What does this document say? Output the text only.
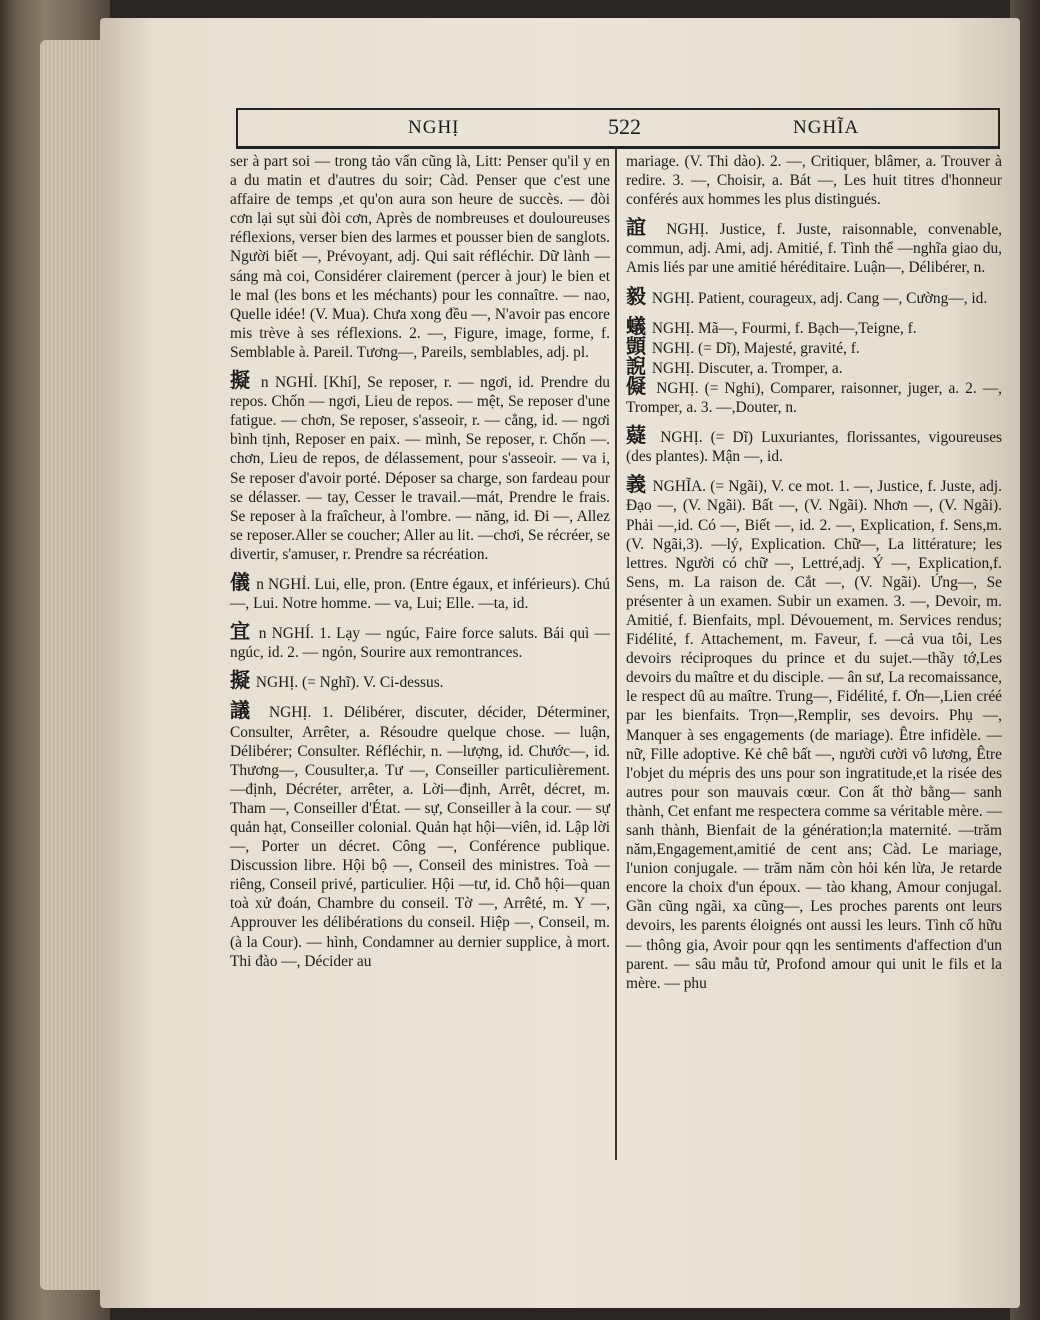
NGHỊ	522	NGHĨA

ser à part soi — trong tảo vẩn cũng là, Litt: Penser qu'il y en a du matin et d'autres du soir; Càd. Penser que c'est une affaire de temps ,et qu'on aura son heure de succès. — đòi cơn lại sụt sùi đòi cơn, Après de nombreuses et douloureuses réflexions, verser bien des larmes et pousser bien de sanglots. Người biết —, Prévoyant, adj. Qui sait réfléchir. Dữ lành — sáng mà coi, Considérer clairement (percer à jour) le bien et le mal (les bons et les méchants) pour les connaître. — nao, Quelle idée! (V. Mua). Chưa xong đều —, N'avoir pas encore mis trève à ses réflexions. 2. —, Figure, image, forme, f. Semblable à. Pareil. Tương—, Pareils, semblables, adj. pl.

擬 n NGHỈ. [Khí], Se reposer, r. — ngơi, id. Prendre du repos. Chốn — ngơi, Lieu de repos. — mệt, Se reposer d'une fatigue. — chơn, Se reposer, s'asseoir, r. — cẳng, id. — ngơi bình tịnh, Reposer en paix. — mình, Se reposer, r. Chốn —. chơn, Lieu de repos, de délassement, pour s'asseoir. — va i, Se reposer d'avoir porté. Déposer sa charge, son fardeau pour se délasser. — tay, Cesser le travail.—mát, Prendre le frais. Se reposer à la fraîcheur, à l'ombre. — năng, id. Đi —, Allez se reposer.Aller se coucher; Aller au lit. —chơi, Se récréer, se divertir, s'amuser, r. Prendre sa récréation.

儀 n NGHỈ. Lui, elle, pron. (Entre égaux, et inférieurs). Chú —, Lui. Notre homme. — va, Lui; Elle. —ta, id.

宜 n NGHÍ. 1. Lạy — ngúc, Faire force saluts. Bái quì — ngúc, id. 2. — ngỏn, Sourire aux remontrances.

擬 NGHỊ. (= Nghĩ). V. Ci-dessus.

議 NGHỊ. 1. Délibérer, discuter, décider, Déterminer, Consulter, Arrêter, a. Résoudre quelque chose. — luận, Délibérer; Consulter. Réfléchir, n. —lượng, id. Chước—, id. Thương—, Cousulter,a. Tư —, Conseiller particulièrement. —định, Décréter, arrêter, a. Lời—định, Arrêt, décret, m. Tham —, Conseiller d'État. — sự, Conseiller à la cour. — sự quản hạt, Conseiller colonial. Quản hạt hội—viên, id. Lập lời —, Porter un décret. Công —, Conférence publique. Discussion libre. Hội bộ —, Conseil des ministres. Toà — riêng, Conseil privé, particulier. Hội —tư, id. Chỗ hội—quan toà xử đoán, Chambre du conseil. Tờ —, Arrêté, m. Y —, Approuver les délibérations du conseil. Hiệp —, Conseil, m. (à la Cour). — hình, Condamner au dernier supplice, à mort. Thi đào —, Décider au

mariage. (V. Thi dào). 2. —, Critiquer, blâmer, a. Trouver à redire. 3. —, Choisir, a. Bát —, Les huit titres d'honneur conférés aux hommes les plus distingués.

誼 NGHỊ. Justice, f. Juste, raisonnable, convenable, commun, adj. Ami, adj. Amitié, f. Tình thể —nghĩa giao du, Amis liés par une amitié héréditaire. Luận—, Délibérer, n.

毅 NGHỊ. Patient, courageux, adj. Cang —, Cường—, id.

蟻 NGHỊ. Mã—, Fourmi, f. Bạch—,Teigne, f.

顗 NGHỊ. (= Dĩ), Majesté, gravité, f.

誽 NGHỊ. Discuter, a. Tromper, a.

儗 NGHỊ. (= Nghi), Comparer, raisonner, juger, a. 2. —, Tromper, a. 3. —,Douter, n.

薿 NGHỊ. (= Dĩ) Luxuriantes, florissantes, vigoureuses (des plantes). Mận —, id.

義 NGHĨA. (= Ngãi), V. ce mot. 1. —, Justice, f. Juste, adj. Đạo —, (V. Ngãi). Bất —, (V. Ngãi). Nhơn —, (V. Ngãi). Phải —,id. Có —, Biết —, id. 2. —, Explication, f. Sens,m. (V. Ngãi,3). —lý, Explication. Chữ—, La littérature; les lettres. Người có chữ —, Lettré,adj. Ý —, Explication,f. Sens, m. La raison de. Cắt —, (V. Ngãi). Ứng—, Se présenter à un examen. Subir un examen. 3. —, Devoir, m. Amitié, f. Bienfaits, mpl. Dévouement, m. Services rendus; Fidélité, f. Attachement, m. Faveur, f. —cả vua tôi, Les devoirs réciproques du prince et du sujet.—thầy tớ,Les devoirs du maître et du disciple. — ân sư, La recomaissance, le respect dû au maître. Trung—, Fidélité, f. Ơn—,Lien créé par les bienfaits. Trọn—,Remplir, ses devoirs. Phụ —, Manquer à ses engagements (de mariage). Être infidèle. —nữ, Fille adoptive. Kẻ chê bất —, người cười vô lương, Être l'objet du mépris des uns pour son ingratitude,et la risée des autres pour son mauvais cœur. Con ất thờ bằng— sanh thành, Cet enfant me respectera comme sa véritable mère. — sanh thành, Bienfait de la génération;la maternité. —trăm năm,Engagement,amitié de cent ans; Càd. Le mariage, l'union conjugale. — trăm năm còn hỏi kén lừa, Je retarde encore la choix d'un époux. — tào khang, Amour conjugal. Gần cũng ngãi, xa cũng—, Les proches parents ont leurs devoirs, les parents éloignés ont aussi les leurs. Tình cố hữu — thông gia, Avoir pour qqn les sentiments d'affection d'un parent. — sâu mẫu tử, Profond amour qui unit le fils et la mère. — phu
